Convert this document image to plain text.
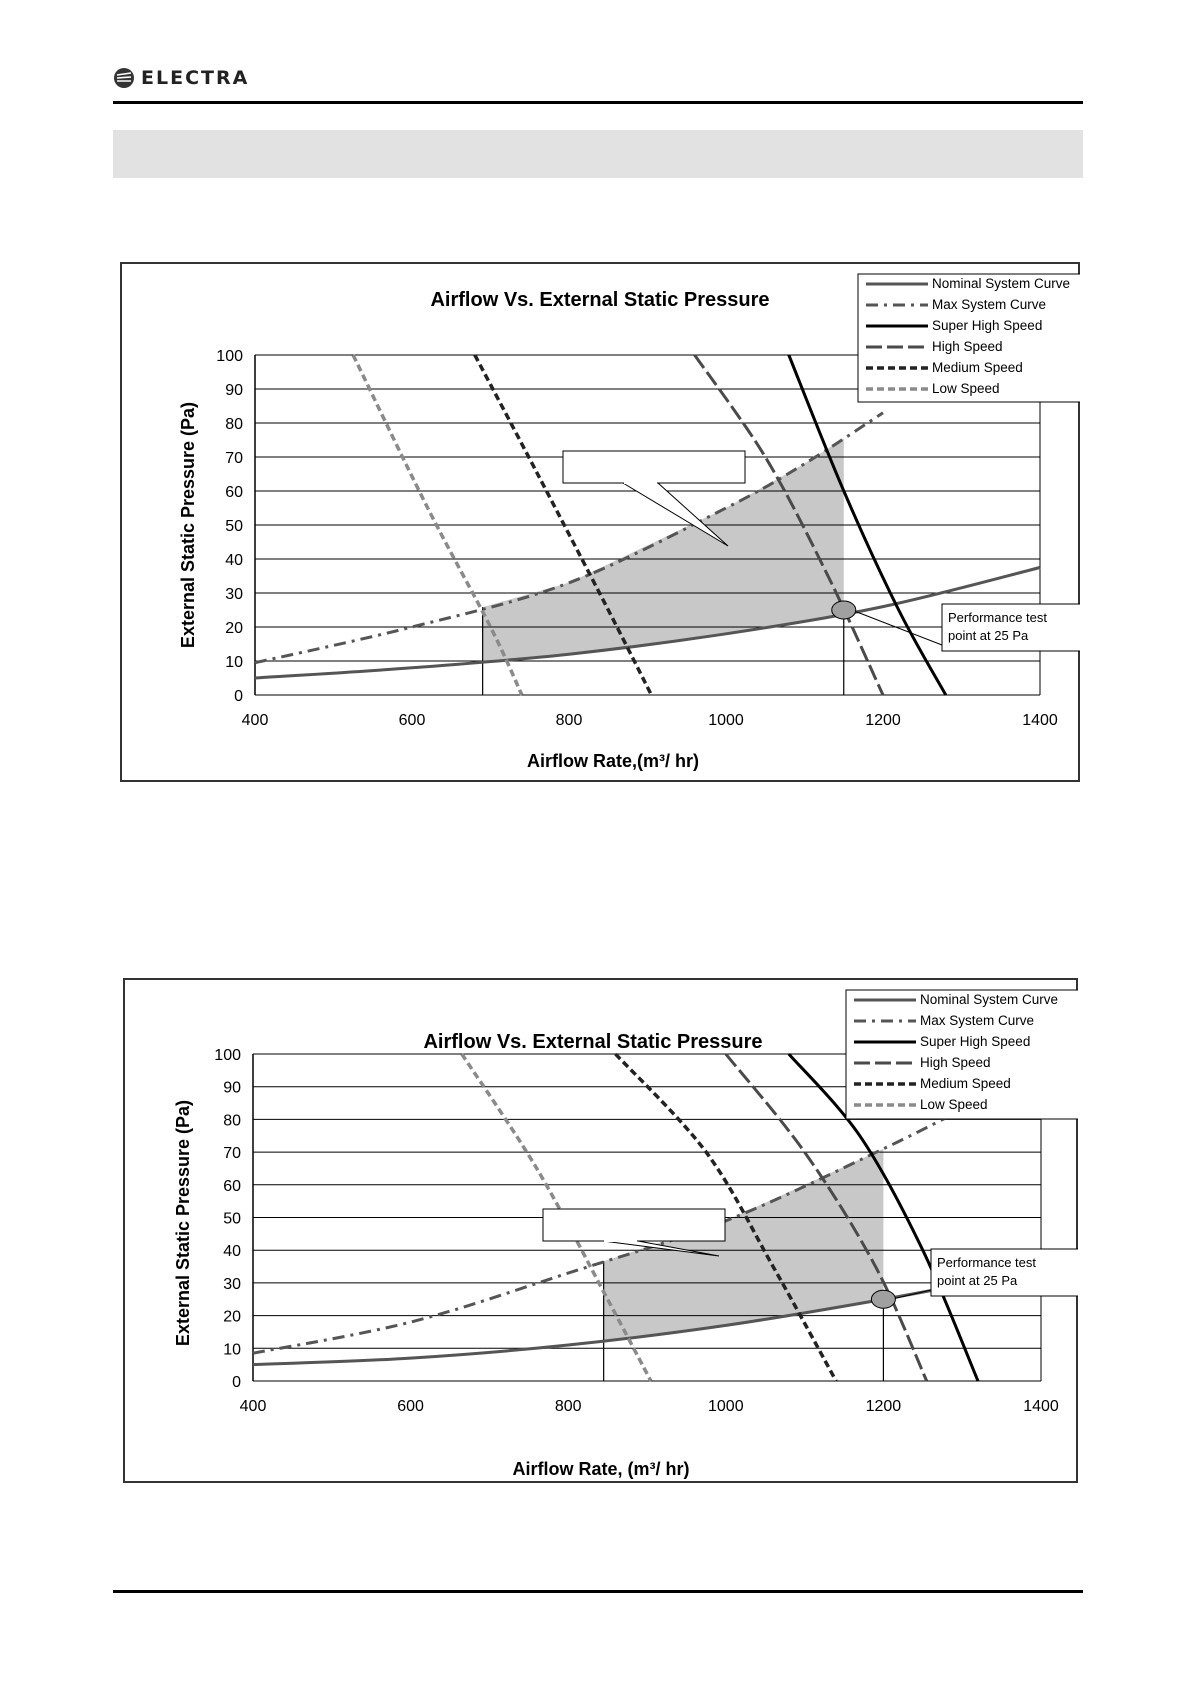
ELECTRA
Airflow Vs. External Static Pressure
0
10
20
30
40
50
60
70
80
90
100
400	600	800	1000	1200	1400
Airflow Rate,(m³/ hr)
External Static Pressure (Pa)	Performance test
point at 25 Pa
Nominal System Curve
Max System Curve
Super High Speed
High Speed
Medium Speed
Low Speed
Airflow Vs. External Static Pressure
0
10
20
30
40
50
60
70
80
90
100
400	600	800	1000	1200	1400
Airflow Rate, (m³/ hr)
External Static Pressure (Pa)	Performance test
point at 25 Pa
Nominal System Curve
Max System Curve
Super High Speed
High Speed
Medium Speed
Low Speed
